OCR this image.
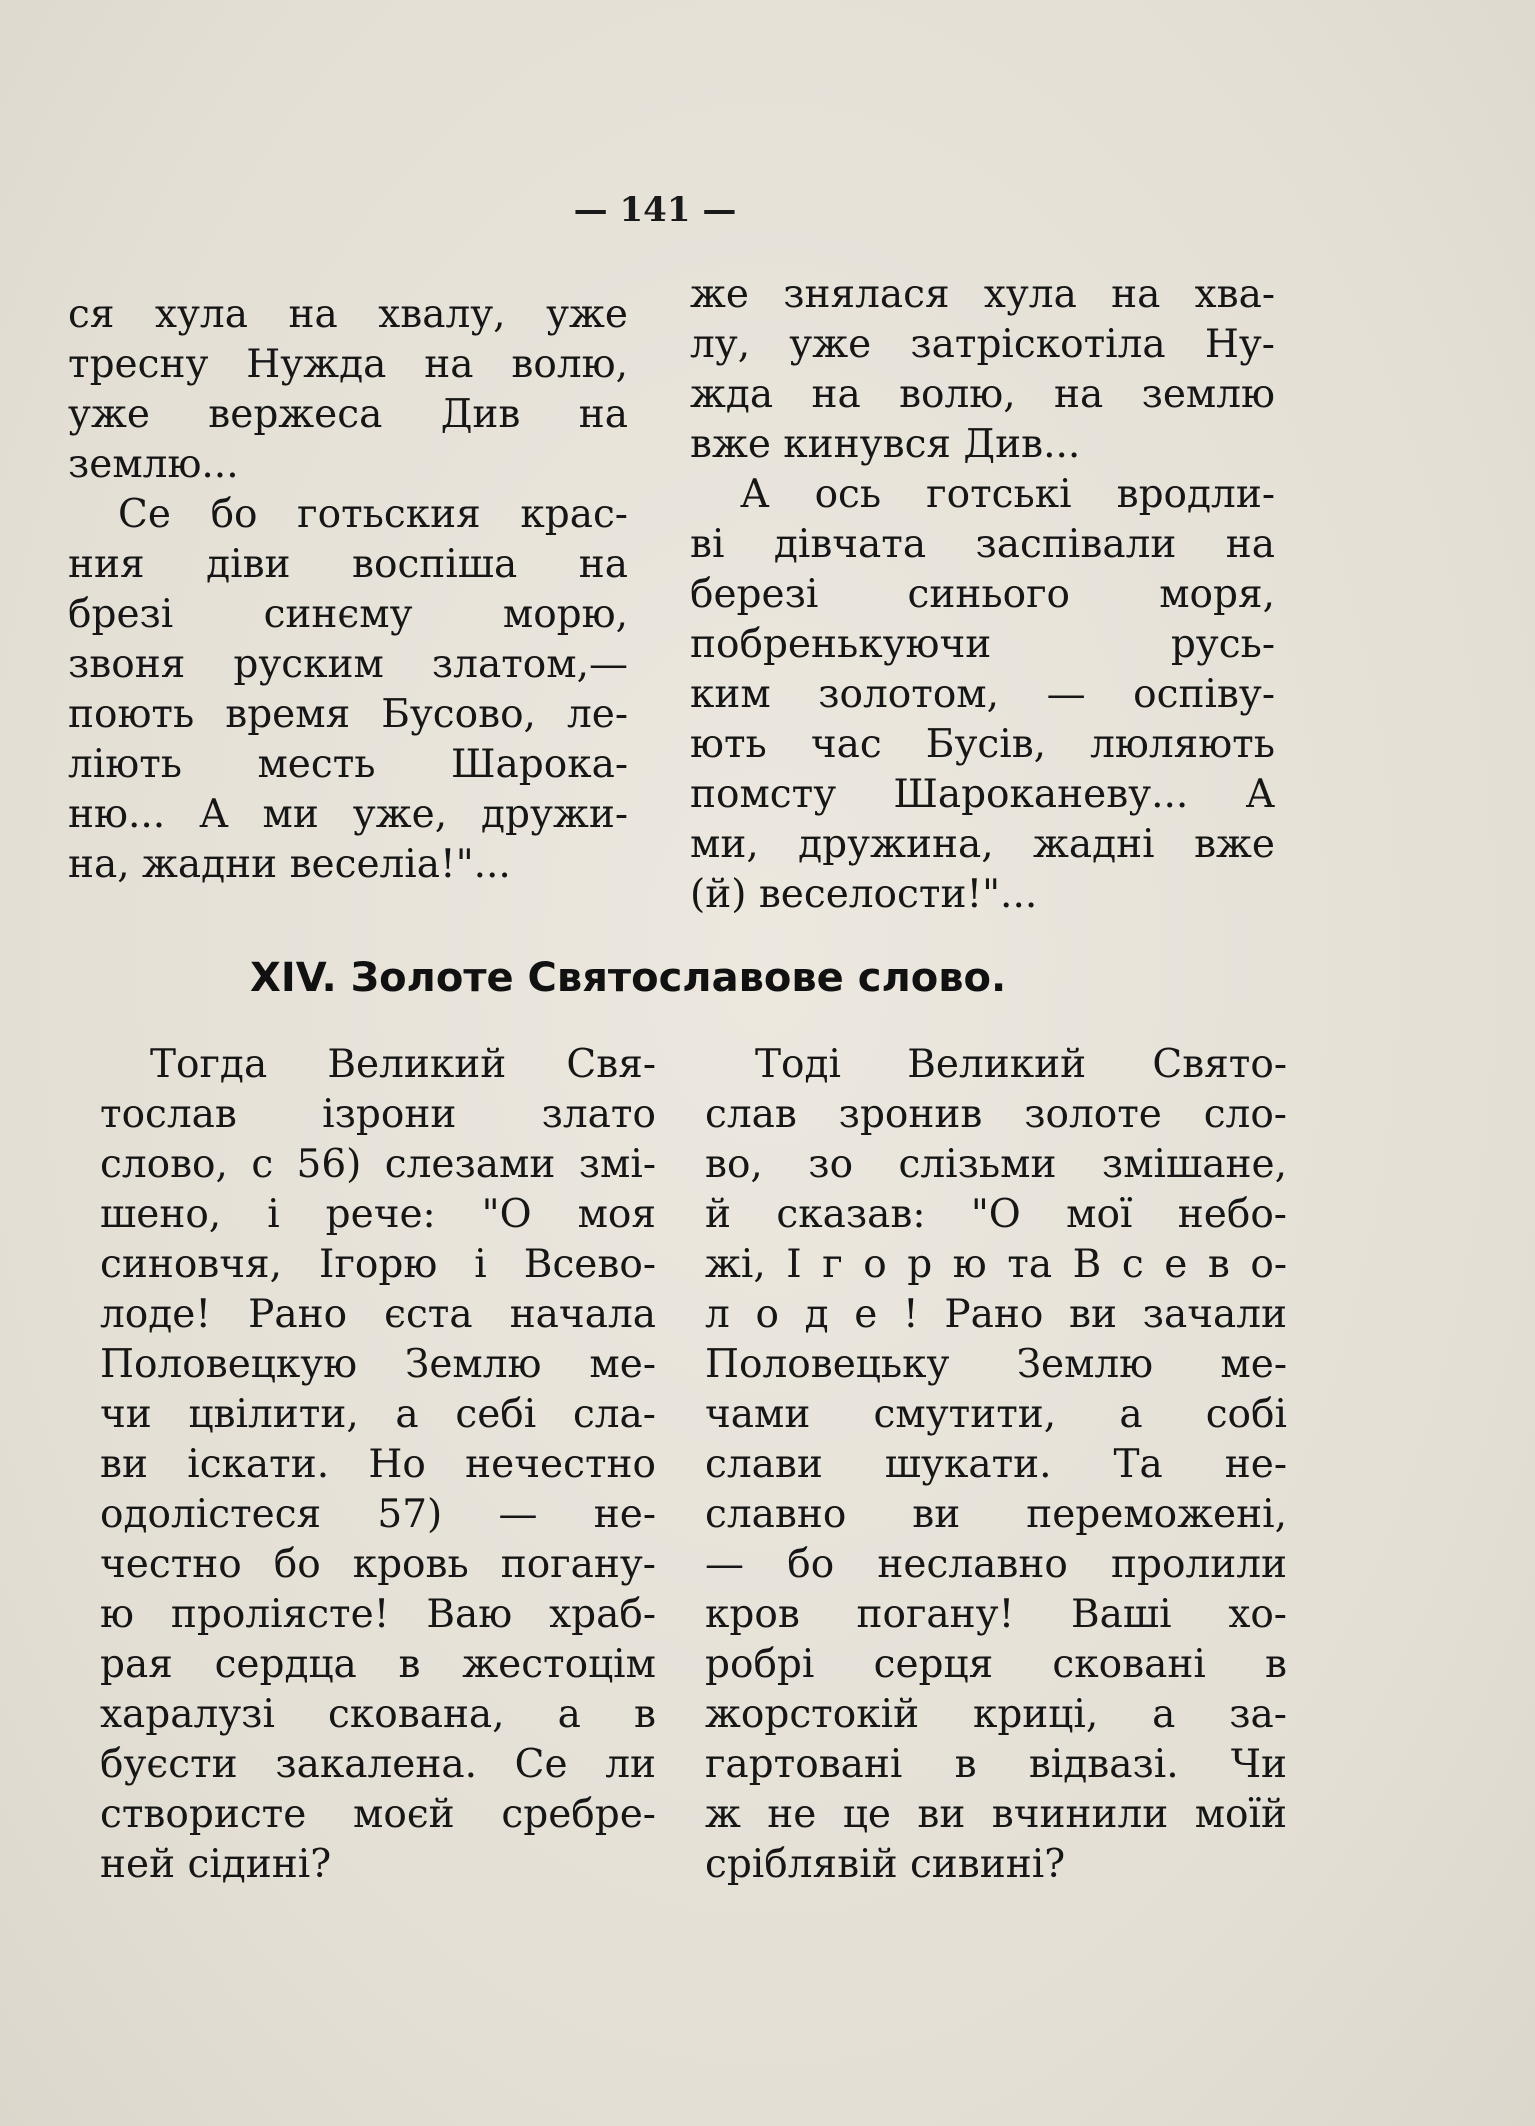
— 141 —
ся хула на хвалу, уже
тресну Нужда на волю,
уже вержеса Див на
землю...
Се бо готьския крас-
ния діви воспіша на
брезі синєму морю,
звоня руским злaтом,—
поють время Бусово, ле-
ліють месть Шарока-
ню... А ми уже, дружи-
на, жадни веселіа!"...
же знялася хула на хва-
лу, уже затріскотіла Ну-
жда на волю, на землю
вже кинувся Див...
А ось готські вродли-
ві дівчата заспівали на
березі синього моря,
побренькуючи русь-
ким золотом, — оспіву-
ють час Бусів, люляють
помсту Шароканеву... А
ми, дружина, жадні вже
(й) веселости!"...
XIV. Золоте Святославове слово.
Тогда Великий Свя-
тослав ізрони злато
слово, с 56) слезами змі-
шено, і рече: "О моя
синовчя, Ігорю і Всево-
лоде! Рано єста начала
Половецкую Землю ме-
чи цвілити, а себі сла-
ви іскати. Но нечестно
одолістеся 57) — не-
честно бо кровь погану-
ю проліясте! Ваю храб-
рая сердца в жестоцім
харалузі скована, а в
буєсти закалена. Се ли
створисте моєй сребре-
ней сідині?
Тоді Великий Свято-
слав зронив золоте сло-
во, зо слізьми змішане,
й сказав: "О мої небо-
жі, І г о р ю та В с е в о-
л о д е ! Рано ви зачали
Половецьку Землю ме-
чами смутити, а собі
слави шукати. Та не-
славно ви переможені,
— бо неславно пролили
кров погану! Ваші хо-
робрі серця сковані в
жорстокій криці, а за-
гартовані в відвазі. Чи
ж не це ви вчинили моїй
сріблявій сивині?
